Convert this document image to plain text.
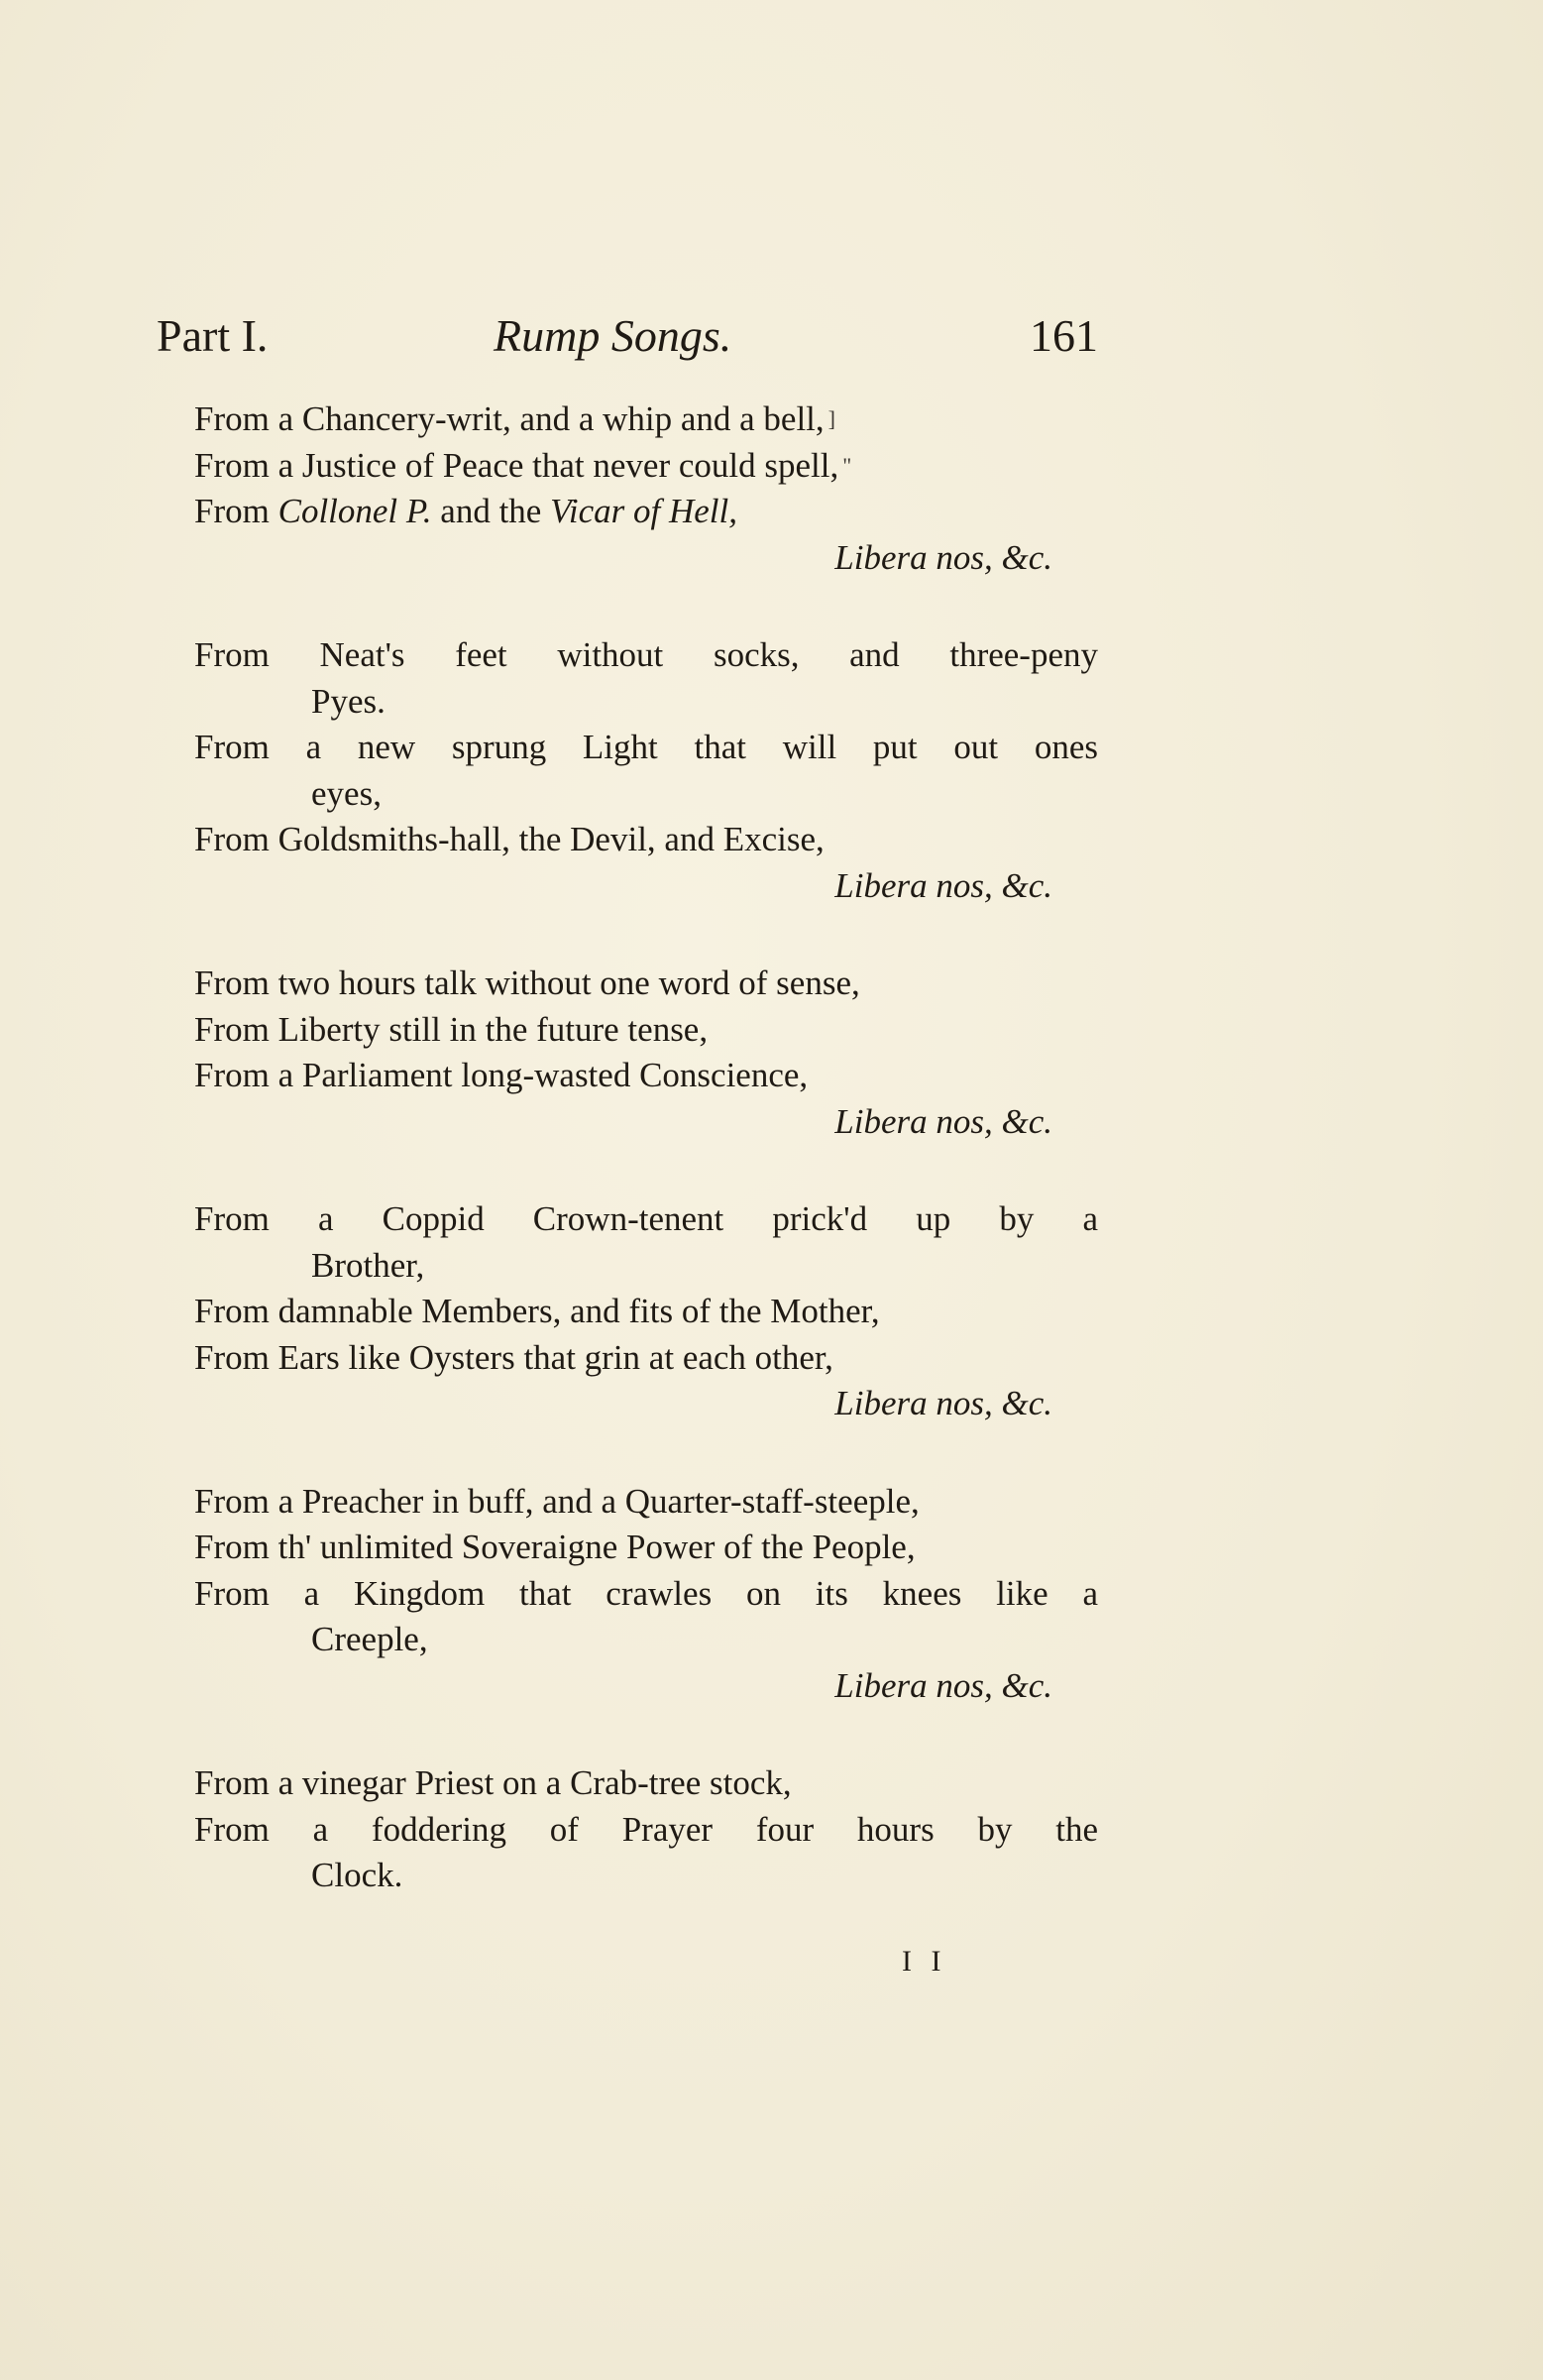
Part I.	Rump Songs.	161
From a Chancery-writ, and a whip and a bell, ]
From a Justice of Peace that never could spell, "
From Collonel P. and the Vicar of Hell,
Libera nos, &c.
From Neat's feet without socks, and three-peny
Pyes.
From a new sprung Light that will put out ones
eyes,
From Goldsmiths-hall, the Devil, and Excise,
Libera nos, &c.
From two hours talk without one word of sense,
From Liberty still in the future tense,
From a Parliament long-wasted Conscience,
Libera nos, &c.
From a Coppid Crown-tenent prick'd up by a
Brother,
From damnable Members, and fits of the Mother,
From Ears like Oysters that grin at each other,
Libera nos, &c.
From a Preacher in buff, and a Quarter-staff-steeple,
From th' unlimited Soveraigne Power of the People,
From a Kingdom that crawles on its knees like a
Creeple,
Libera nos, &c.
From a vinegar Priest on a Crab-tree stock,
From a foddering of Prayer four hours by the
Clock.
I I
